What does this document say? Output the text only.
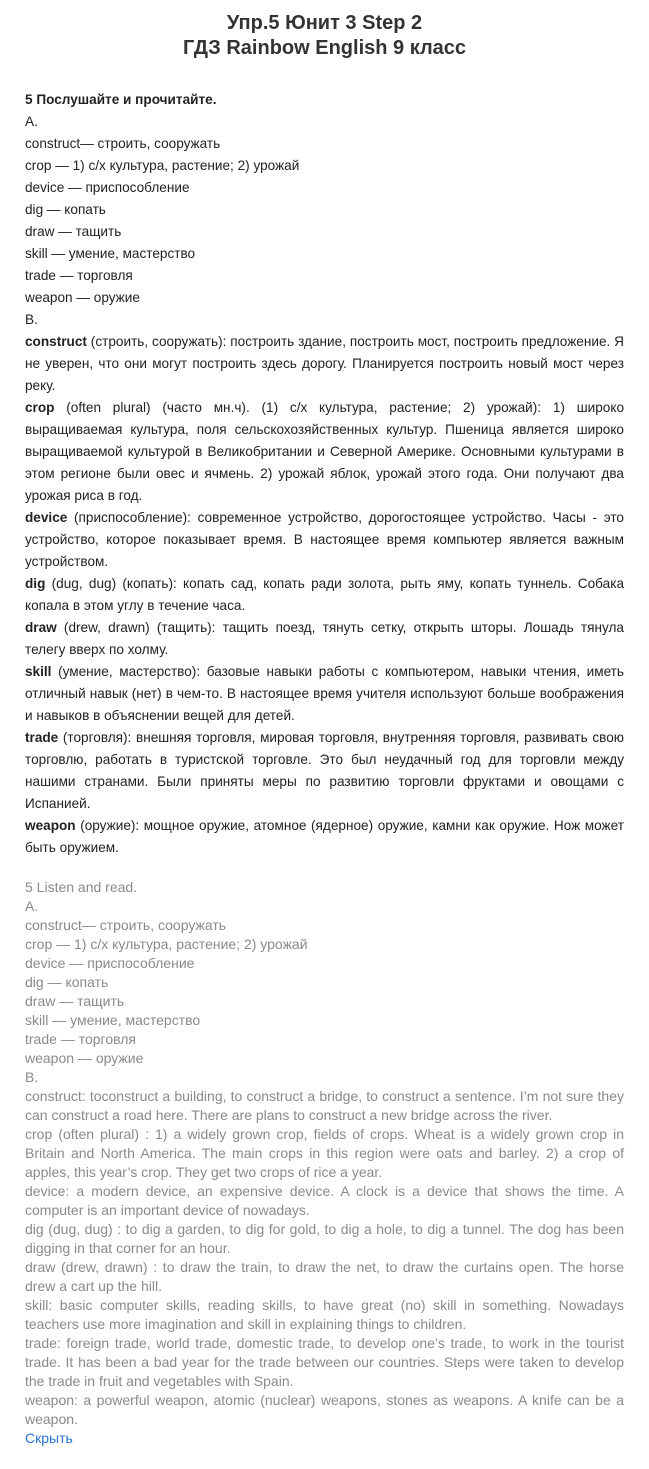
Упр.5 Юнит 3 Step 2
ГДЗ Rainbow English 9 класс
5 Послушайте и прочитайте.
A.
construct— строить, сооружать
crop — 1) с/х культура, растение; 2) урожай
device — приспособление
dig — копать
draw — тащить
skill — умение, мастерство
trade — торговля
weapon — оружие
B.
construct (строить, сооружать): построить здание, построить мост, построить предложение. Я не уверен, что они могут построить здесь дорогу. Планируется построить новый мост через реку.
crop (often plural) (часто мн.ч). (1) с/х культура, растение; 2) урожай): 1) широко выращиваемая культура, поля сельскохозяйственных культур. Пшеница является широко выращиваемой культурой в Великобритании и Северной Америке. Основными культурами в этом регионе были овес и ячмень. 2) урожай яблок, урожай этого года. Они получают два урожая риса в год.
device (приспособление): современное устройство, дорогостоящее устройство. Часы - это устройство, которое показывает время. В настоящее время компьютер является важным устройством.
dig (dug, dug) (копать): копать сад, копать ради золота, рыть яму, копать туннель. Собака копала в этом углу в течение часа.
draw (drew, drawn) (тащить): тащить поезд, тянуть сетку, открыть шторы. Лошадь тянула телегу вверх по холму.
skill (умение, мастерство): базовые навыки работы с компьютером, навыки чтения, иметь отличный навык (нет) в чем-то. В настоящее время учителя используют больше воображения и навыков в объяснении вещей для детей.
trade (торговля): внешняя торговля, мировая торговля, внутренняя торговля, развивать свою торговлю, работать в туристской торговле. Это был неудачный год для торговли между нашими странами. Были приняты меры по развитию торговли фруктами и овощами с Испанией.
weapon (оружие): мощное оружие, атомное (ядерное) оружие, камни как оружие. Нож может быть оружием.
5 Listen and read.
A.
construct— строить, сооружать
crop — 1) с/х культура, растение; 2) урожай
device — приспособление
dig — копать
draw — тащить
skill — умение, мастерство
trade — торговля
weapon — оружие
B.
construct: toconstruct a building, to construct a bridge, to construct a sentence. I’m not sure they can construct a road here. There are plans to construct a new bridge across the river.
crop (often plural) : 1) a widely grown crop, fields of crops. Wheat is a widely grown crop in Britain and North America. The main crops in this region were oats and barley. 2) a crop of apples, this year’s crop. They get two crops of rice a year.
device: a modern device, an expensive device. A clock is a device that shows the time. A computer is an important device of nowadays.
dig (dug, dug) : to dig a garden, to dig for gold, to dig a hole, to dig a tunnel. The dog has been digging in that corner for an hour.
draw (drew, drawn) : to draw the train, to draw the net, to draw the curtains open. The horse drew a cart up the hill.
skill: basic computer skills, reading skills, to have great (no) skill in something. Nowadays teachers use more imagination and skill in explaining things to children.
trade: foreign trade, world trade, domestic trade, to develop one’s trade, to work in the tourist trade. It has been a bad year for the trade between our countries. Steps were taken to develop the trade in fruit and vegetables with Spain.
weapon: a powerful weapon, atomic (nuclear) weapons, stones as weapons. A knife can be a weapon.
Скрыть
